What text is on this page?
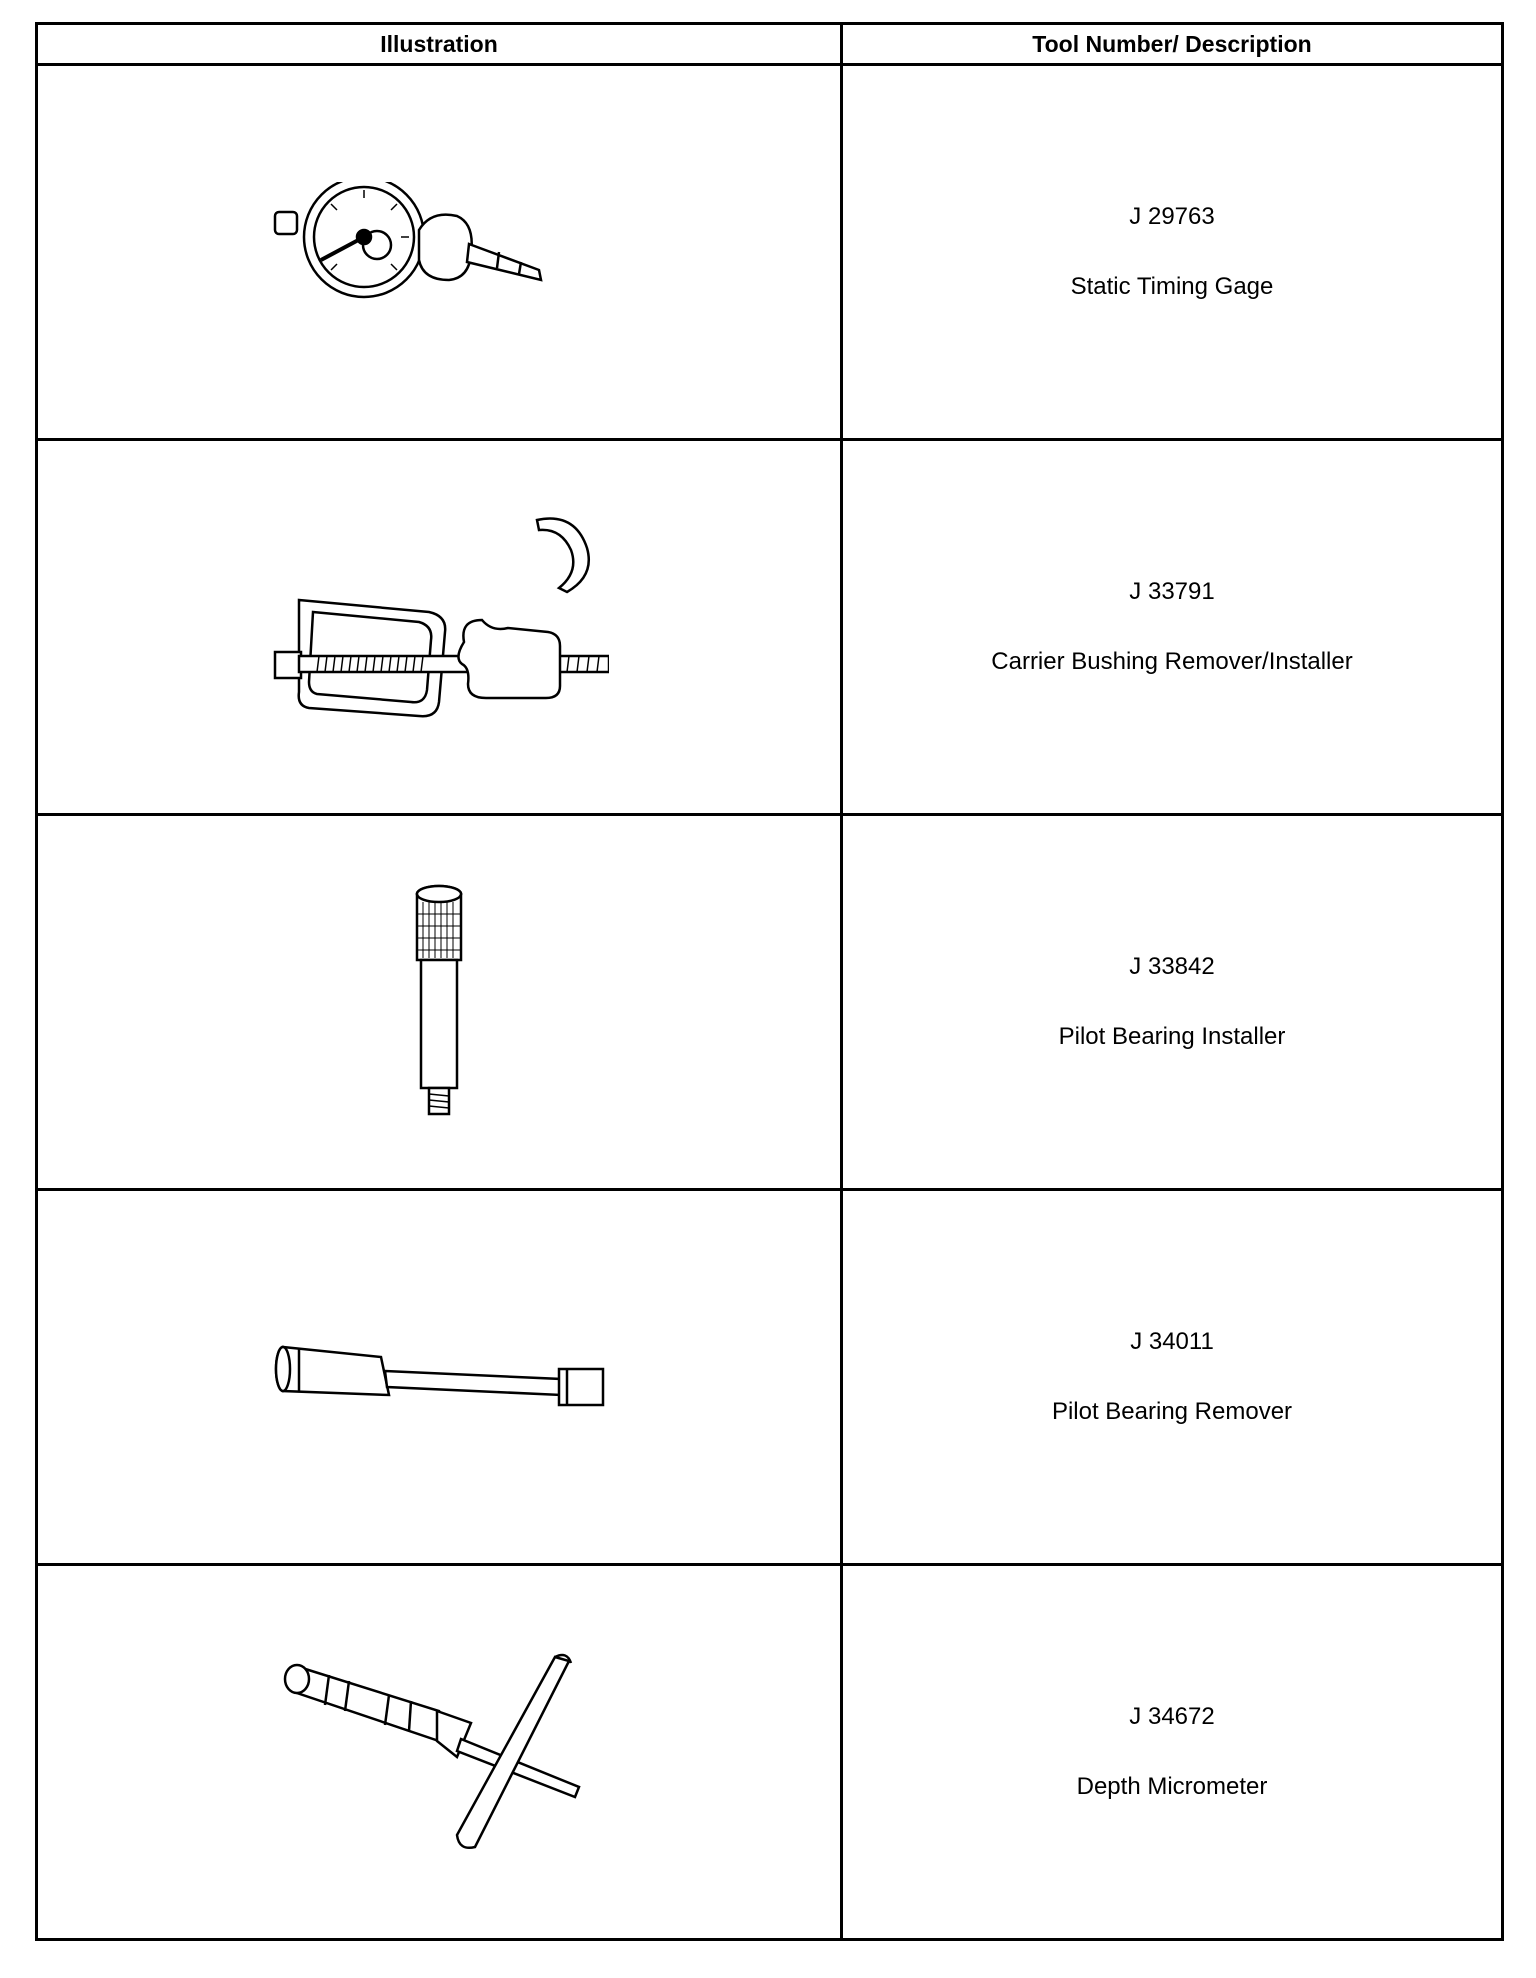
Illustration	Tool Number/ Description

J 29763
Static Timing Gage

J 33791
Carrier Bushing Remover/Installer

J 33842
Pilot Bearing Installer

J 34011
Pilot Bearing Remover

J 34672
Depth Micrometer
